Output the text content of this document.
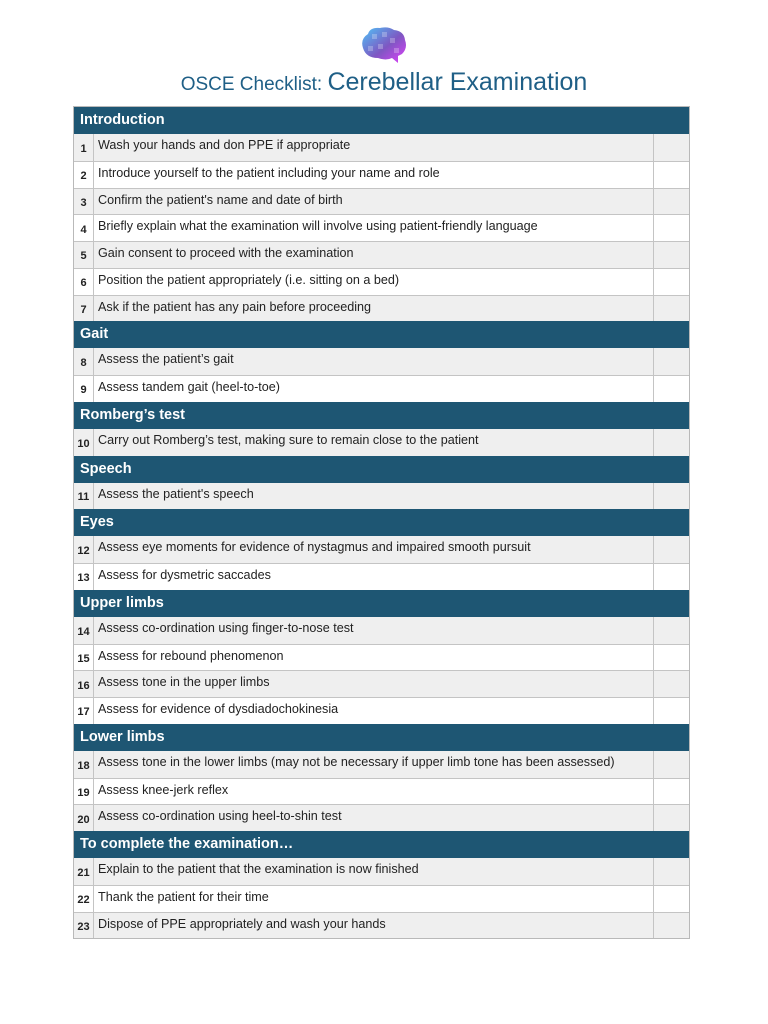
OSCE Checklist: Cerebellar Examination
Introduction
1 Wash your hands and don PPE if appropriate
2 Introduce yourself to the patient including your name and role
3 Confirm the patient's name and date of birth
4 Briefly explain what the examination will involve using patient-friendly language
5 Gain consent to proceed with the examination
6 Position the patient appropriately (i.e. sitting on a bed)
7 Ask if the patient has any pain before proceeding
Gait
8 Assess the patient’s gait
9 Assess tandem gait (heel-to-toe)
Romberg’s test
10 Carry out Romberg’s test, making sure to remain close to the patient
Speech
11 Assess the patient's speech
Eyes
12 Assess eye moments for evidence of nystagmus and impaired smooth pursuit
13 Assess for dysmetric saccades
Upper limbs
14 Assess co-ordination using finger-to-nose test
15 Assess for rebound phenomenon
16 Assess tone in the upper limbs
17 Assess for evidence of dysdiadochokinesia
Lower limbs
18 Assess tone in the lower limbs (may not be necessary if upper limb tone has been assessed)
19 Assess knee-jerk reflex
20 Assess co-ordination using heel-to-shin test
To complete the examination…
21 Explain to the patient that the examination is now finished
22 Thank the patient for their time
23 Dispose of PPE appropriately and wash your hands
